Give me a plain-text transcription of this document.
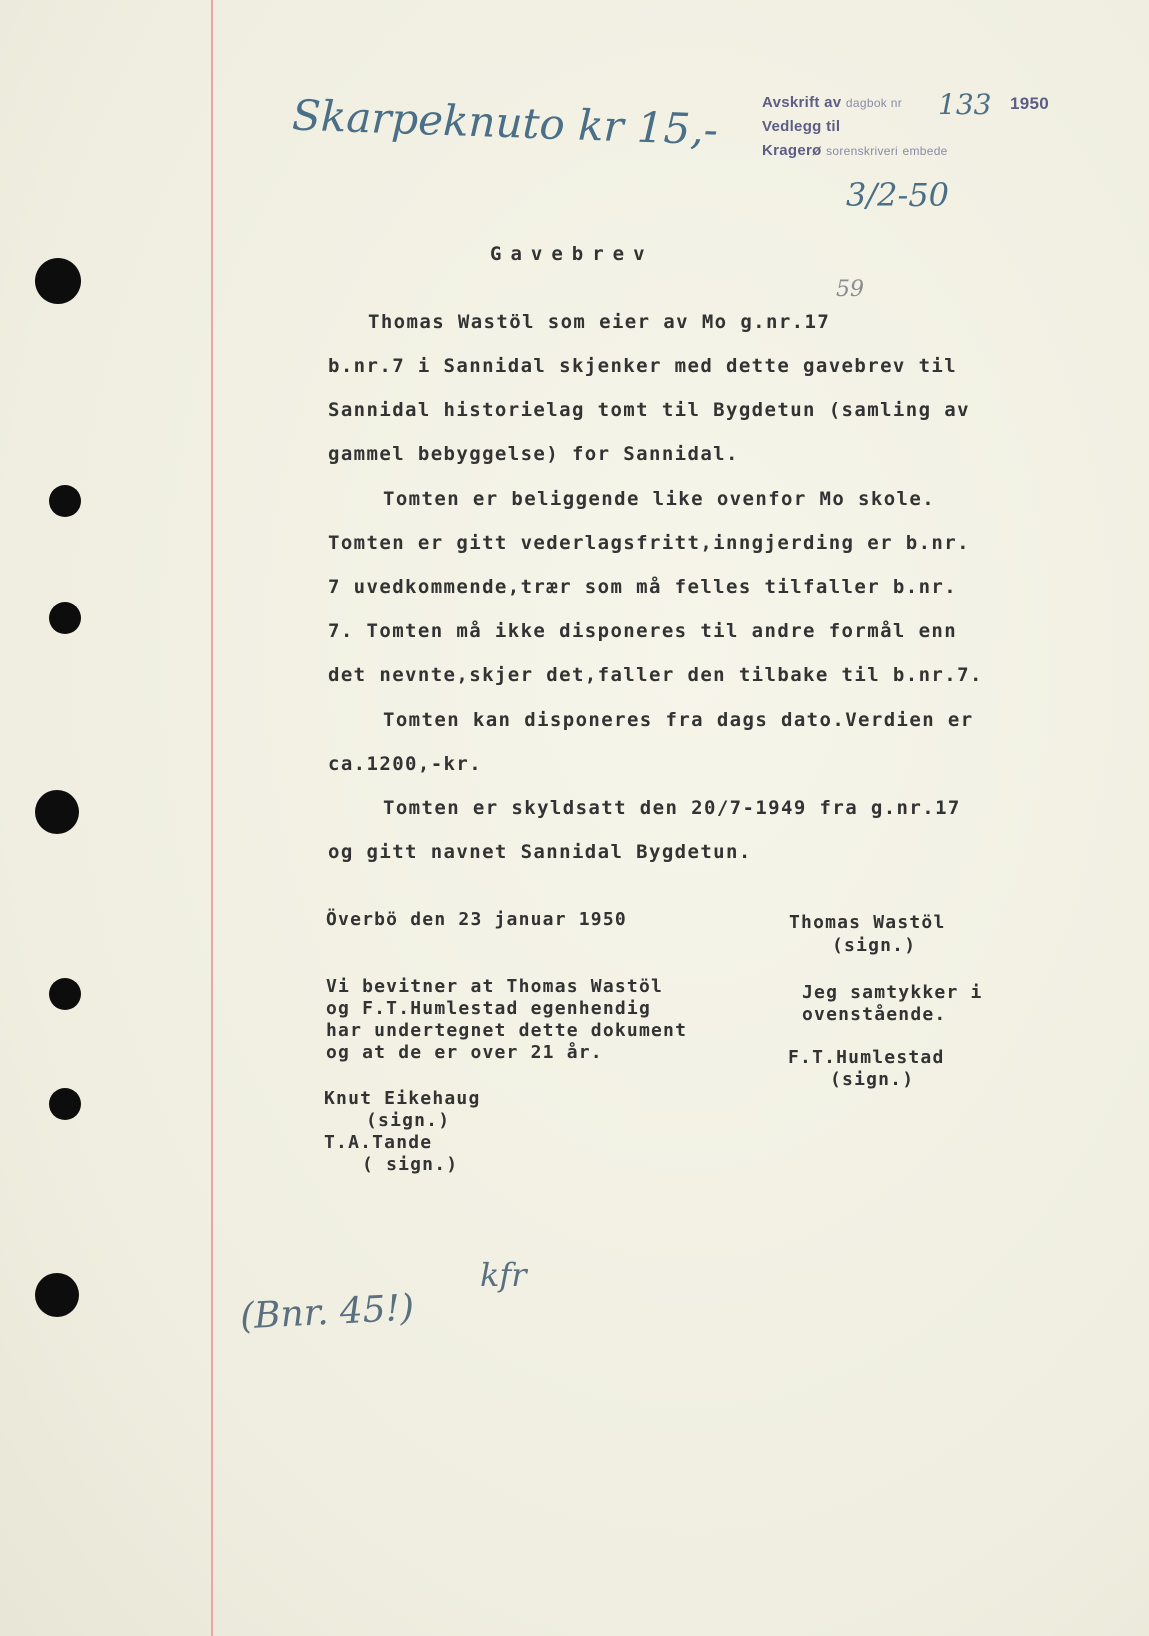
Skarpeknuto kr 15,-	Avskrift av dagbok nr 133 1950
Vedlegg til
Kragerø sorenskriveri embede
3/2-50
Gavebrev
59
Thomas Wastöl som eier av Mo g.nr.17
b.nr.7 i Sannidal skjenker med dette gavebrev til
Sannidal historielag tomt til Bygdetun (samling av
gammel bebyggelse) for Sannidal.
Tomten er beliggende like ovenfor Mo skole.
Tomten er gitt vederlagsfritt,inngjerding er b.nr.
7 uvedkommende,trær som må felles tilfaller b.nr.
7. Tomten må ikke disponeres til andre formål enn
det nevnte,skjer det,faller den tilbake til b.nr.7.
Tomten kan disponeres fra dags dato.Verdien er
ca.1200,-kr.
Tomten er skyldsatt den 20/7-1949 fra g.nr.17
og gitt navnet Sannidal Bygdetun.
Överbö den 23 januar 1950	Thomas Wastöl
(sign.)
Vi bevitner at Thomas Wastöl
og F.T.Humlestad egenhendig
har undertegnet dette dokument
og at de er over 21 år.
Jeg samtykker i
ovenstående.
F.T.Humlestad
(sign.)
Knut Eikehaug
(sign.)
T.A.Tande
( sign.)
(Bnr. 45!)
kfr
